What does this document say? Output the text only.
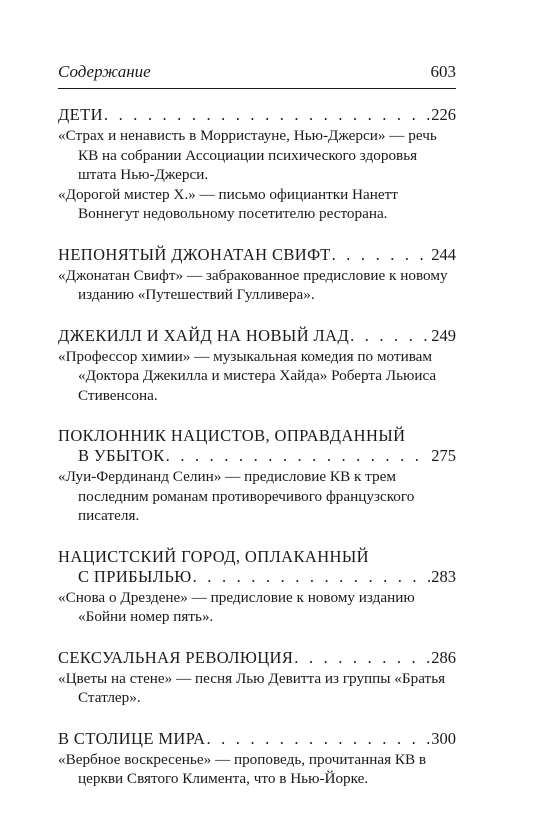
Содержание	603
ДЕТИ . . .	226
«Страх и ненависть в Морристауне, Нью-Джерси» — речь КВ на собрании Ассоциации психического здоровья штата Нью-Джерси.
«Дорогой мистер Х.» — письмо официантки Нанетт Воннегут недовольному посетителю ресторана.
НЕПОНЯТЫЙ ДЖОНАТАН СВИФТ . . .	244
«Джонатан Свифт» — забракованное предисловие к новому изданию «Путешествий Гулливера».
ДЖЕКИЛЛ И ХАЙД НА НОВЫЙ ЛАД . . .	249
«Профессор химии» — музыкальная комедия по мотивам «Доктора Джекилла и мистера Хайда» Роберта Льюиса Стивенсона.
ПОКЛОННИК НАЦИСТОВ, ОПРАВДАННЫЙ
В УБЫТОК . . .	275
«Луи-Фердинанд Селин» — предисловие КВ к трем последним романам противоречивого французского писателя.
НАЦИСТСКИЙ ГОРОД, ОПЛАКАННЫЙ
С ПРИБЫЛЬЮ . . .	283
«Снова о Дрездене» — предисловие к новому изданию «Бойни номер пять».
СЕКСУАЛЬНАЯ РЕВОЛЮЦИЯ . . .	286
«Цветы на стене» — песня Лью Девитта из группы «Братья Статлер».
В СТОЛИЦЕ МИРА . . .	300
«Вербное воскресенье» — проповедь, прочитанная КВ в церкви Святого Климента, что в Нью-Йорке.
